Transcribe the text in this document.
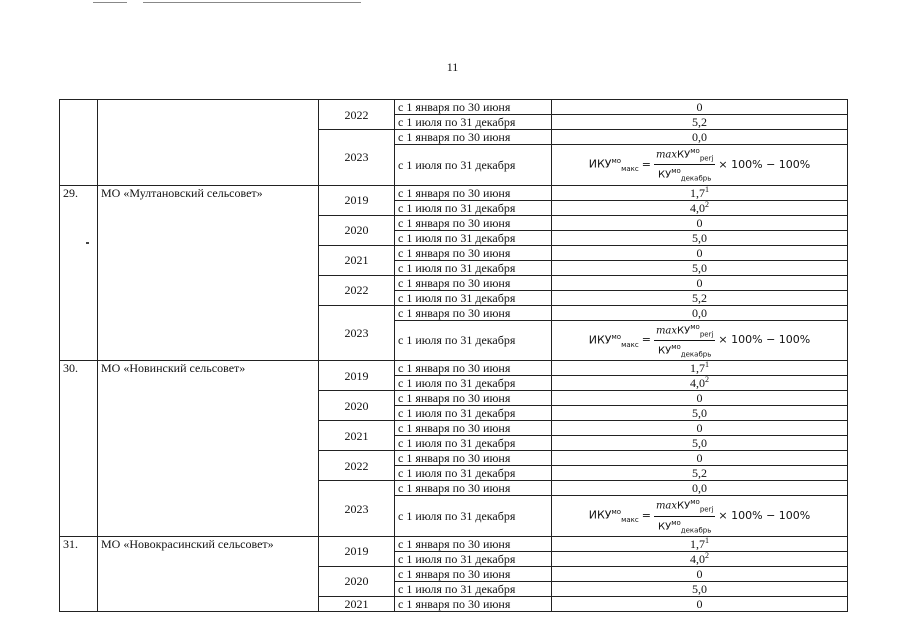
11
		2022	с 1 января по 30 июня	0
			с 1 июля по 31 декабря	5,2
		2023	с 1 января по 30 июня	0,0
			с 1 июля по 31 декабря	$ИКУ^{мо}_{макс} = \frac{\max КУ^{мо}_{perj}}{КУ^{мо}_{декабрь}} \times 100\% - 100\%$

29.	МО «Мултановский сельсовет»	2019	с 1 января по 30 июня	$1,7^1$
			с 1 июля по 31 декабря	$4,0^2$
		2020	с 1 января по 30 июня	0
			с 1 июля по 31 декабря	5,0
		2021	с 1 января по 30 июня	0
			с 1 июля по 31 декабря	5,0
		2022	с 1 января по 30 июня	0
			с 1 июля по 31 декабря	5,2
		2023	с 1 января по 30 июня	0,0
			с 1 июля по 31 декабря	$ИКУ^{мо}_{макс} = \frac{\max КУ^{мо}_{perj}}{КУ^{мо}_{декабрь}} \times 100\% - 100\%$

30.	МО «Новинский сельсовет»	2019	с 1 января по 30 июня	$1,7^1$
			с 1 июля по 31 декабря	$4,0^2$
		2020	с 1 января по 30 июня	0
			с 1 июля по 31 декабря	5,0
		2021	с 1 января по 30 июня	0
			с 1 июля по 31 декабря	5,0
		2022	с 1 января по 30 июня	0
			с 1 июля по 31 декабря	5,2
		2023	с 1 января по 30 июня	0,0
			с 1 июля по 31 декабря	$ИКУ^{мо}_{макс} = \frac{\max КУ^{мо}_{perj}}{КУ^{мо}_{декабрь}} \times 100\% - 100\%$

31.	МО «Новокрасинский сельсовет»	2019	с 1 января по 30 июня	$1,7^1$
			с 1 июля по 31 декабря	$4,0^2$
		2020	с 1 января по 30 июня	0
			с 1 июля по 31 декабря	5,0
		2021	с 1 января по 30 июня	0
